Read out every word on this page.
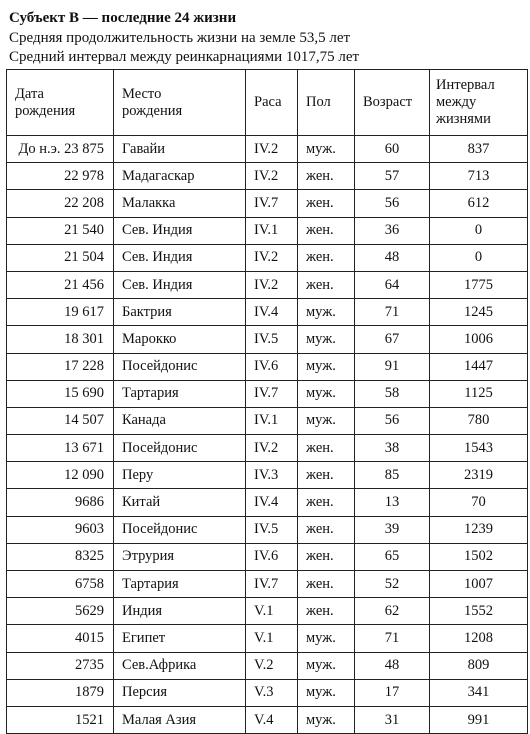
Субъект В — последние 24 жизни
Средняя продолжительность жизни на земле 53,5 лет
Средний интервал между реинкарнациями 1017,75 лет
Дата рождения	Место рождения	Раса	Пол	Возраст	Интервал между жизнями
До н.э. 23 875	Гавайи	IV.2	муж.	60	837
22 978	Мадагаскар	IV.2	жен.	57	713
22 208	Малакка	IV.7	жен.	56	612
21 540	Сев. Индия	IV.1	жен.	36	0
21 504	Сев. Индия	IV.2	жен.	48	0
21 456	Сев. Индия	IV.2	жен.	64	1775
19 617	Бактрия	IV.4	муж.	71	1245
18 301	Марокко	IV.5	муж.	67	1006
17 228	Посейдонис	IV.6	муж.	91	1447
15 690	Тартария	IV.7	муж.	58	1125
14 507	Канада	IV.1	муж.	56	780
13 671	Посейдонис	IV.2	жен.	38	1543
12 090	Перу	IV.3	жен.	85	2319
9686	Китай	IV.4	жен.	13	70
9603	Посейдонис	IV.5	жен.	39	1239
8325	Этрурия	IV.6	жен.	65	1502
6758	Тартария	IV.7	жен.	52	1007
5629	Индия	V.1	жен.	62	1552
4015	Египет	V.1	муж.	71	1208
2735	Сев.Африка	V.2	муж.	48	809
1879	Персия	V.3	муж.	17	341
1521	Малая Азия	V.4	муж.	31	991
